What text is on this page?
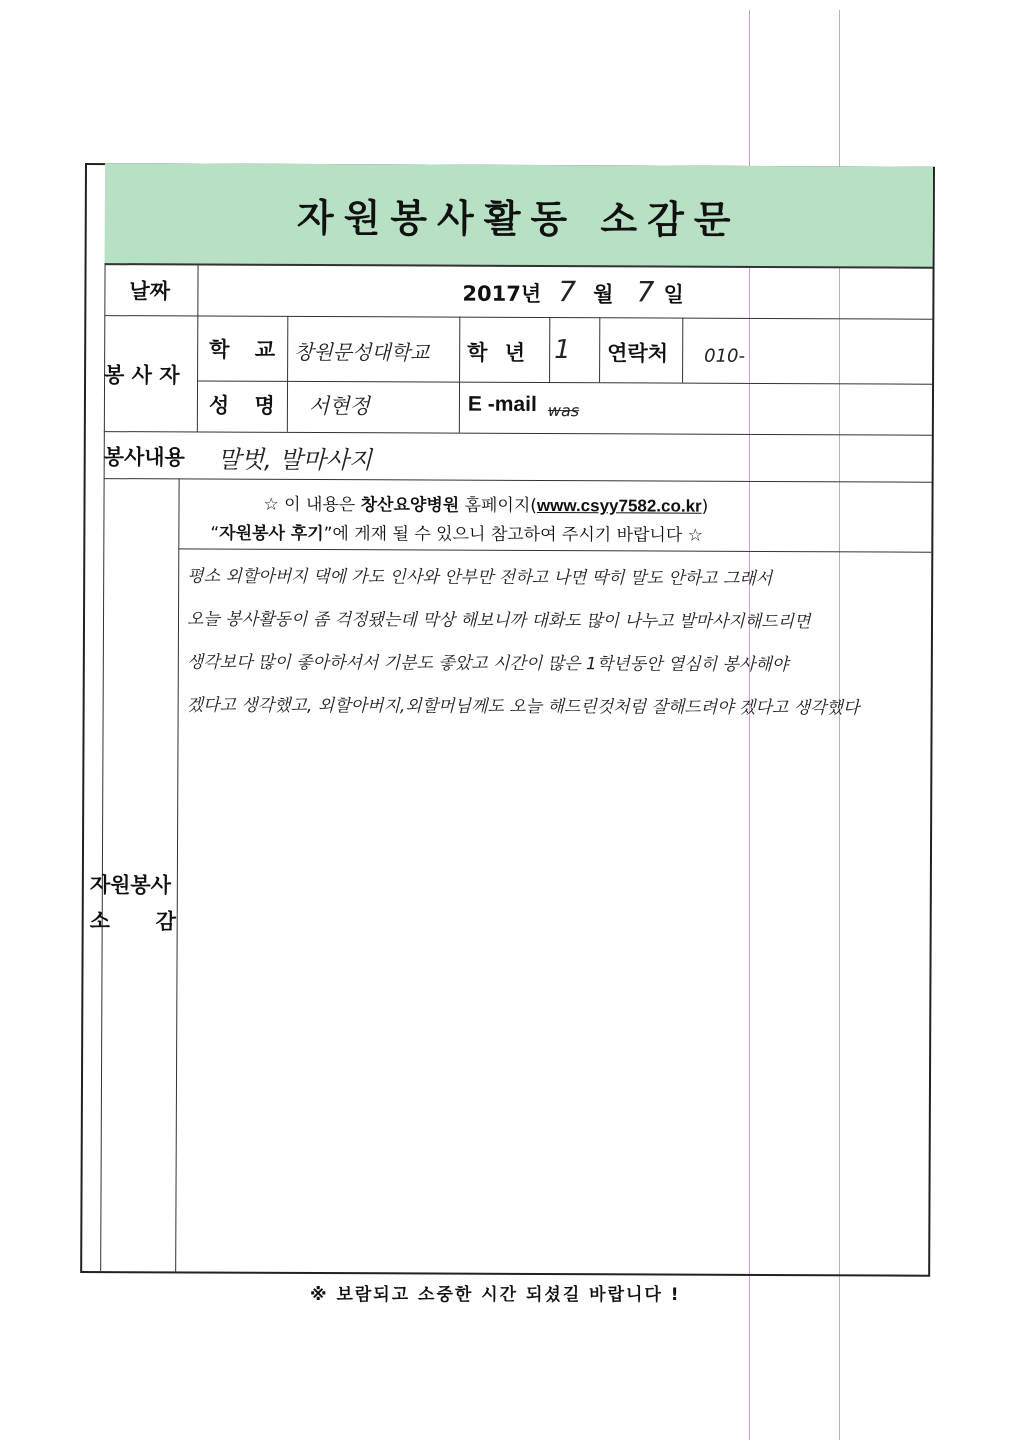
자원봉사활동 소감문
날짜	2017년 7 월 7 일
봉 사 자
학 교 창원문성대학교 학 년 1 연락처 010-
성 명 서현정	E -mail was
봉사내용 말벗, 발마사지
☆ 이 내용은 창산요양병원 홈페이지(www.csyy7582.co.kr)
“자원봉사 후기”에 게재 될 수 있으니 참고하여 주시기 바랍니다 ☆
자원봉사
소 감
평소 외할아버지 댁에 가도 인사와 안부만 전하고 나면 딱히 말도 안하고 그래서
오늘 봉사활동이 좀 걱정됐는데 막상 해보니까 대화도 많이 나누고 발마사지해드리면
생각보다 많이 좋아하셔서 기분도 좋았고 시간이 많은 1학년동안 열심히 봉사해야
겠다고 생각했고, 외할아버지,외할머님께도 오늘 해드린것처럼 잘해드려야 겠다고 생각했다
※ 보람되고 소중한 시간 되셨길 바랍니다 !
